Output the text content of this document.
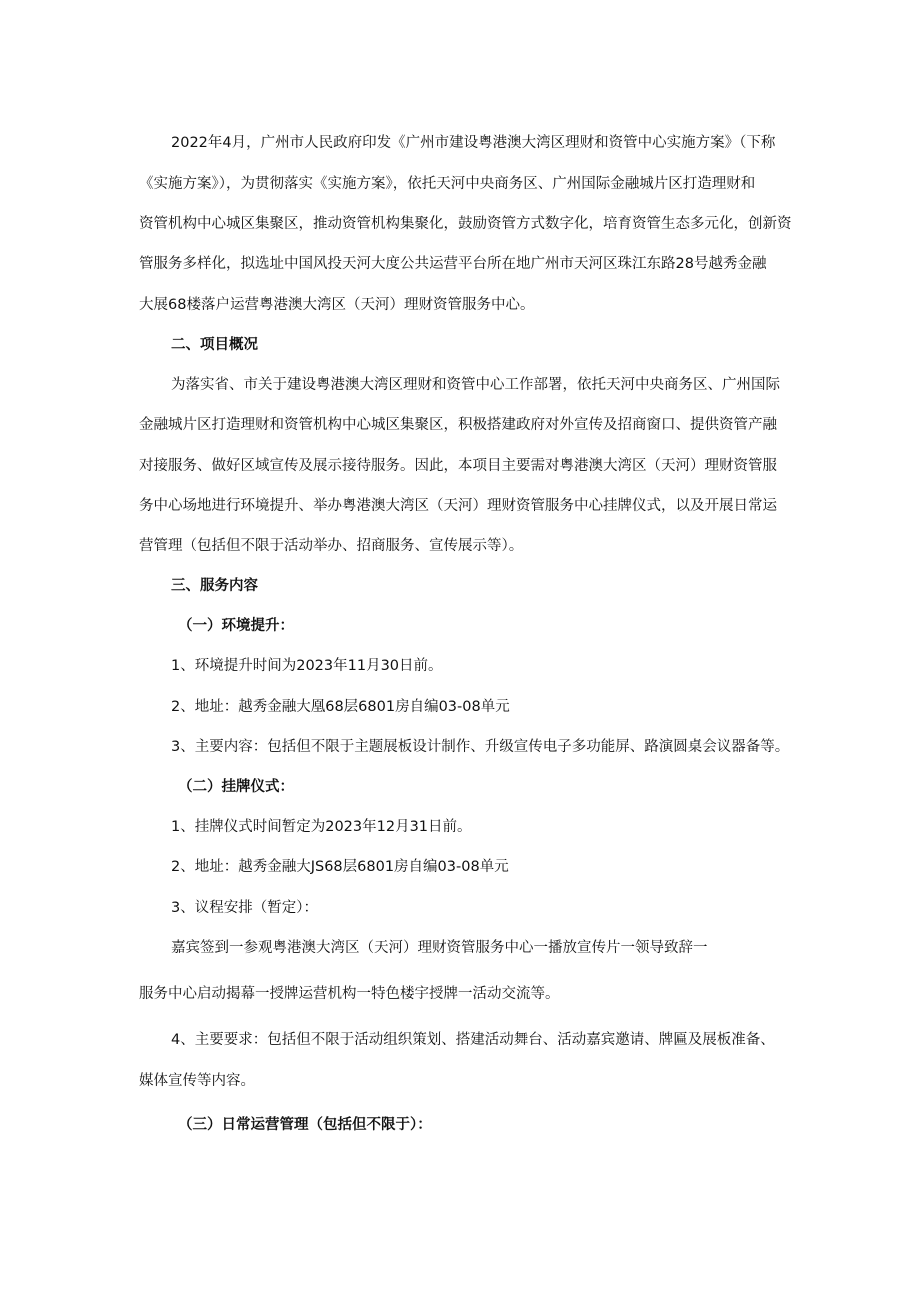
2022年4月，广州市人民政府印发《广州市建设粤港澳大湾区理财和资管中心实施方案》（下称
《实施方案》），为贯彻落实《实施方案》，依托天河中央商务区、广州国际金融城片区打造理财和
资管机构中心城区集聚区，推动资管机构集聚化，鼓励资管方式数字化，培育资管生态多元化，创新资
管服务多样化，拟选址中国风投天河大度公共运营平台所在地广州市天河区珠江东路28号越秀金融
大展68楼落户运营粤港澳大湾区（天河）理财资管服务中心。
二、项目概况
为落实省、市关于建设粤港澳大湾区理财和资管中心工作部署，依托天河中央商务区、广州国际
金融城片区打造理财和资管机构中心城区集聚区，积极搭建政府对外宣传及招商窗口、提供资管产融
对接服务、做好区域宣传及展示接待服务。因此，本项目主要需对粤港澳大湾区（天河）理财资管服
务中心场地进行环境提升、举办粤港澳大湾区（天河）理财资管服务中心挂牌仪式，以及开展日常运
营管理（包括但不限于活动举办、招商服务、宣传展示等）。
三、服务内容
（一）环境提升：
1、环境提升时间为2023年11月30日前。
2、地址：越秀金融大凰68层6801房自编03-08单元
3、主要内容：包括但不限于主题展板设计制作、升级宣传电子多功能屏、路演圆桌会议器备等。
（二）挂牌仪式：
1、挂牌仪式时间暂定为2023年12月31日前。
2、地址：越秀金融大JS68层6801房自编03-08单元
3、议程安排（暂定）：
嘉宾签到一参观粤港澳大湾区（天河）理财资管服务中心一播放宣传片一领导致辞一
服务中心启动揭幕一授牌运营机构一特色楼宇授牌一活动交流等。
4、主要要求：包括但不限于活动组织策划、搭建活动舞台、活动嘉宾邀请、牌匾及展板准备、
媒体宣传等内容。
（三）日常运营管理（包括但不限于）：
